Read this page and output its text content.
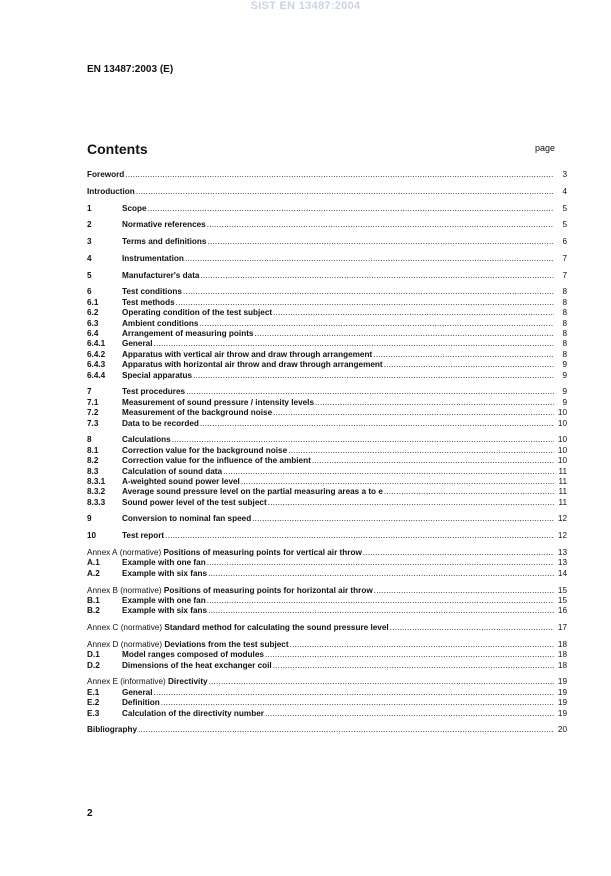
SIST EN 13487:2004
EN 13487:2003 (E)
Contents	page
Foreword .....	3
Introduction .....	4
1	Scope .....	5
2	Normative references .....	5
3	Terms and definitions .....	6
4	Instrumentation .....	7
5	Manufacturer's data .....	7
6	Test conditions .....	8
6.1	Test methods .....	8
6.2	Operating condition of the test subject .....	8
6.3	Ambient conditions .....	8
6.4	Arrangement of measuring points .....	8
6.4.1	General .....	8
6.4.2	Apparatus with vertical air throw and draw through arrangement .....	8
6.4.3	Apparatus with horizontal air throw and draw through arrangement .....	9
6.4.4	Special apparatus .....	9
7	Test procedures .....	9
7.1	Measurement of sound pressure / intensity levels .....	9
7.2	Measurement of the background noise .....	10
7.3	Data to be recorded .....	10
8	Calculations .....	10
8.1	Correction value for the background noise .....	10
8.2	Correction value for the influence of the ambient .....	10
8.3	Calculation of sound data .....	11
8.3.1	A-weighted sound power level .....	11
8.3.2	Average sound pressure level on the partial measuring areas a to e .....	11
8.3.3	Sound power level of the test subject .....	11
9	Conversion to nominal fan speed .....	12
10	Test report .....	12
Annex A (normative) Positions of measuring points for vertical air throw .....	13
A.1	Example with one fan .....	13
A.2	Example with six fans .....	14
Annex B (normative) Positions of measuring points for horizontal air throw .....	15
B.1	Example with one fan .....	15
B.2	Example with six fans .....	16
Annex C (normative) Standard method for calculating the sound pressure level .....	17
Annex D (normative) Deviations from the test subject .....	18
D.1	Model ranges composed of modules .....	18
D.2	Dimensions of the heat exchanger coil .....	18
Annex E (informative) Directivity .....	19
E.1	General .....	19
E.2	Definition .....	19
E.3	Calculation of the directivity number .....	19
Bibliography .....	20
2
